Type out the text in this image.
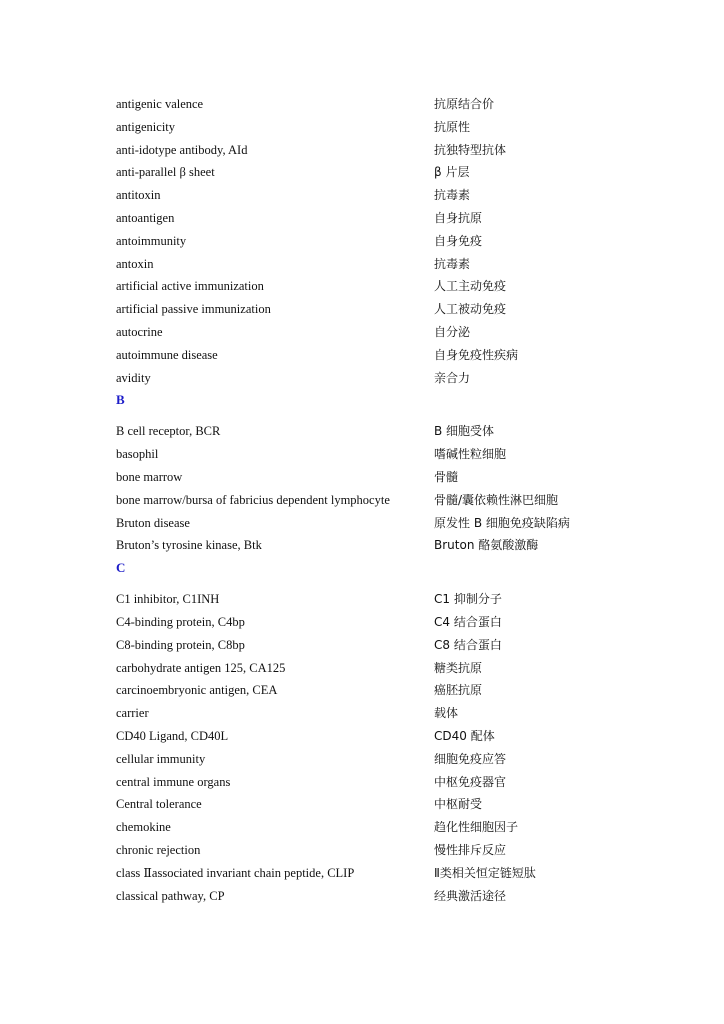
antigenic valence	抗原结合价
antigenicity	抗原性
anti-idotype antibody, AId	抗独特型抗体
anti-parallel β sheet	β 片层
antitoxin	抗毒素
antoantigen	自身抗原
antoimmunity	自身免疫
antoxin	抗毒素
artificial active immunization	人工主动免疫
artificial passive immunization	人工被动免疫
autocrine	自分泌
autoimmune disease	自身免疫性疾病
avidity	亲合力
B
B cell receptor, BCR	B 细胞受体
basophil	嗜碱性粒细胞
bone marrow	骨髓
bone marrow/bursa of fabricius dependent lymphocyte	骨髓/囊依赖性淋巴细胞
Bruton disease	原发性 B 细胞免疫缺陷病
Bruton’s tyrosine kinase, Btk	Bruton 酪氨酸激酶
C
C1 inhibitor, C1INH	C1 抑制分子
C4-binding protein, C4bp	C4 结合蛋白
C8-binding protein, C8bp	C8 结合蛋白
carbohydrate antigen 125, CA125	糖类抗原
carcinoembryonic antigen, CEA	癌胚抗原
carrier	载体
CD40 Ligand, CD40L	CD40 配体
cellular immunity	细胞免疫应答
central immune organs	中枢免疫器官
Central tolerance	中枢耐受
chemokine	趋化性细胞因子
chronic rejection	慢性排斥反应
class Ⅱassociated invariant chain peptide, CLIP	Ⅱ类相关恒定链短肽
classical pathway, CP	经典激活途径
